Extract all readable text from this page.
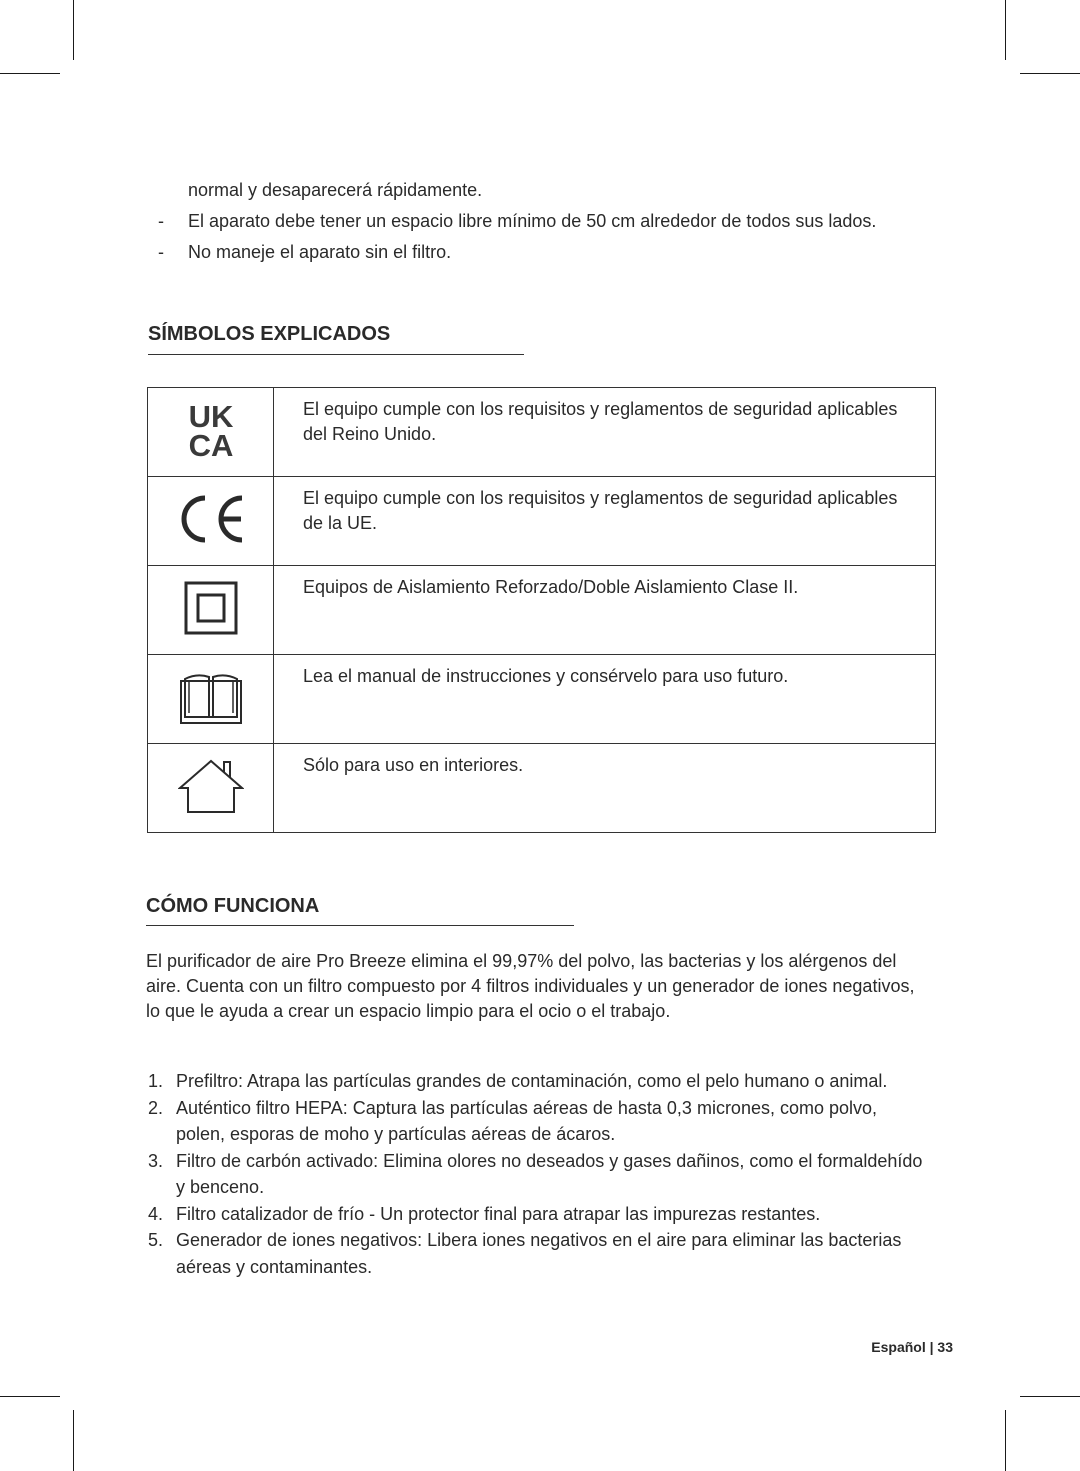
normal y desaparecerá rápidamente.
- El aparato debe tener un espacio libre mínimo de 50 cm alrededor de todos sus lados.
- No maneje el aparato sin el filtro.
SÍMBOLOS EXPLICADOS
UK
CA	El equipo cumple con los requisitos y reglamentos de seguridad aplicables del Reino Unido.
	El equipo cumple con los requisitos y reglamentos de seguridad aplicables de la UE.
	Equipos de Aislamiento Reforzado/Doble Aislamiento Clase II.
	Lea el manual de instrucciones y consérvelo para uso futuro.
	Sólo para uso en interiores.
CÓMO FUNCIONA

El purificador de aire Pro Breeze elimina el 99,97% del polvo, las bacterias y los alérgenos del aire. Cuenta con un filtro compuesto por 4 filtros individuales y un generador de iones negativos, lo que le ayuda a crear un espacio limpio para el ocio o el trabajo.

1. Prefiltro: Atrapa las partículas grandes de contaminación, como el pelo humano o animal.
2. Auténtico filtro HEPA: Captura las partículas aéreas de hasta 0,3 micrones, como polvo, polen, esporas de moho y partículas aéreas de ácaros.
3. Filtro de carbón activado: Elimina olores no deseados y gases dañinos, como el formaldehído y benceno.
4. Filtro catalizador de frío - Un protector final para atrapar las impurezas restantes.
5. Generador de iones negativos: Libera iones negativos en el aire para eliminar las bacterias aéreas y contaminantes.
Español | 33
